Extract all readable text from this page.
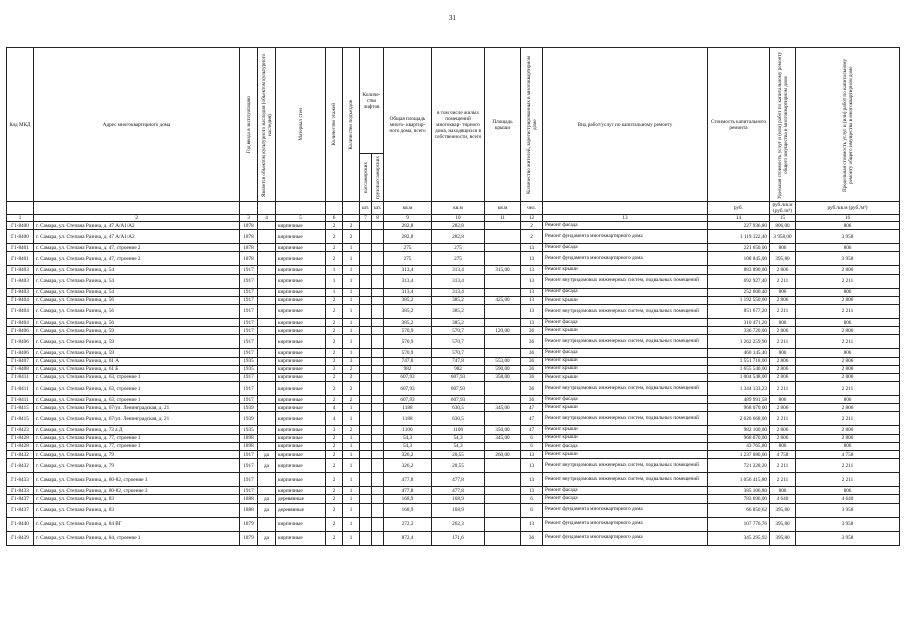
31
Код МКД	Адрес многоквартирного дома	Год ввода в эксплуатацию	Является объектом культурного наследия (объектом культурного наследия)	Материал стен	Количество этажей	Количество подъездов	Количе- ство лифтов		Общая площадь много- квартир- ного дома, всего	в том числе жилых помещений многоквар- тирного дома, находящихся в собственности, всего	Площадь крыши	Количество жителей, зарегистрированных в многоквартирном доме	Вид работ/услуг по капитальному ремонту	Стоимость капитального ремонта	Удельная стоимость услуг и (или) работ по капитальному ремонту общего имущества в многоквартирном доме	Предельная стоимость услуг и (или) работ по капитальному ремонту общего имущества в многоквартирном доме

							пассажирских	грузопассажирских								

							шт.	шт.	кв.м	кв.м	кв.м	чел.		руб.	руб./кв.м (руб./м³)	руб./кв.м (руб./м³)
1	2	3	4	5	6		7	8	9	10	11	12	13	14	15	16
Г1-8400	г. Самара, ул. Степана Разина, д. 47 А/А1/А2	1878		кирпичные	2	2			282,8	282,8		2	Ремонт фасада	227 936,80	806,00	806
Г1-8400	г. Самара, ул. Степана Разина, д. 47 А/А1/А2	1878		кирпичные	2	2			282,8	282,8		2	Ремонт фундамента многоквартирного дома	1 119 322,40	3 958,00	3 958
Г1-8401	г. Самара, ул. Степана Разина, д. 47, строение 2	1878		кирпичные	2	1			275	275		13	Ремонт фасада	221 650,00	806	806
Г1-8401	г. Самара, ул. Степана Разина, д. 47, строение 2	1878		кирпичные	2	1			275	275		13	Ремонт фундамента многоквартирного дома	108 845,00	395,80	3 958
Г1-8403	г. Самара, ул. Степана Разина, д. 54	1917		кирпичные	1	1			313,4	313,4	315,00	13	Ремонт крыши	883 890,00	2 806	2 806
Г1-8403	г. Самара, ул. Степана Разина, д. 54	1917		кирпичные	1	1			313,4	313,4		13	Ремонт внутридомовых инженерных систем, подвальных помещений	692 927,40	2 211	2 211
Г1-8403	г. Самара, ул. Степана Разина, д. 54	1917		кирпичные	1	1			313,4	313,4		13	Ремонт фасада	252 600,40	806	806
Г1-8404	г. Самара, ул. Степана Разина, д. 56	1917		кирпичные	2	1			385,2	385,2	425,00	13	Ремонт крыши	1 192 550,00	2 806	2 806
Г1-8404	г. Самара, ул. Степана Разина, д. 56	1917		кирпичные	2	1			385,2	385,2		13	Ремонт внутридомовых инженерных систем, подвальных помещений	851 677,20	2 211	2 211
Г1-8404	г. Самара, ул. Степана Разина, д. 56	1917		кирпичные	2	1			385,2	385,2		13	Ремонт фасада	310 471,20	806	806
Г1-8406	г. Самара, ул. Степана Разина, д. 59	1917		кирпичные	2	1			570,9	570,7	120,00	36	Ремонт крыши	336 720,00	2 806	2 806
Г1-8406	г. Самара, ул. Степана Разина, д. 59	1917		кирпичные	2	1			570,9	570,7		36	Ремонт внутридомовых инженерных систем, подвальных помещений	1 262 259,90	2 211	2 211
Г1-8406	г. Самара, ул. Степана Разина, д. 59	1917		кирпичные	2	1			570,9	570,7		36	Ремонт фасада	460 145,40	806	806
Г1-8407	г. Самара, ул. Степана Разина, д. 61 А	1935		кирпичные	3	3			747,8	747,8	553,00	36	Ремонт крыши	1 551 718,00	2 806	2 806
Г1-8408	г. Самара, ул. Степана Разина, д. 61 Б	1935		кирпичные	3	2			982	982	590,00	36	Ремонт крыши	1 655 540,00	2 806	2 806
Г1-8411	г. Самара, ул. Степана Разина, д. 63, строение 1	1917		кирпичные	2	2			607,93	607,93	358,00	36	Ремонт крыши	1 004 548,00	2 806	2 806
Г1-8411	г. Самара, ул. Степана Разина, д. 63, строение 1	1917		кирпичные	2	2			607,93	607,93		36	Ремонт внутридомовых инженерных систем, подвальных помещений	1 344 133,23	2 211	2 211
Г1-8411	г. Самара, ул. Степана Разина, д. 63, строение 1	1917		кирпичные	2	2			607,93	607,93		36	Ремонт фасада	489 991,58	806	806
Г1-8415	г. Самара, ул. Степана Разина, д. 67/ул. Ленинградская, д. 21	1939		кирпичные	4	1			1188	630,5	345,00	47	Ремонт крыши	968 070,00	2 806	2 806
Г1-8415	г. Самара, ул. Степана Разина, д. 67/ул. Ленинградская, д. 21	1939		кирпичные	4	1			1188	630,5		47	Ремонт внутридомовых инженерных систем, подвальных помещений	2 626 668,00	2 211	2 211
Г1-8423	г. Самара, ул. Степана Разина, д. 73 а Д	1935		кирпичные	3	2			1100	1100	350,00	47	Ремонт крыши	982 100,00	2 806	2 806
Г1-8428	г. Самара, ул. Степана Разина, д. 77, строение 1	1898		кирпичные	2	1			54,3	54,3	345,00	6	Ремонт крыши	968 070,00	2 806	2 806
Г1-8428	г. Самара, ул. Степана Разина, д. 77, строение 1	1898		кирпичные	2	1			54,3	54,3		6	Ремонт фасада	43 765,80	806	806
Г1-8432	г. Самара, ул. Степана Разина, д. 79	1917	да	кирпичные	2	1			326,2	20,55	260,00	13	Ремонт крыши	1 237 080,00	4 758	4 758
Г1-8432	г. Самара, ул. Степана Разина, д. 79	1917	да	кирпичные	2	1			326,2	20,55		13	Ремонт внутридомовых инженерных систем, подвальных помещений	721 228,20	2 211	2 211
Г1-8433	г. Самара, ул. Степана Разина, д. 80-82, строение 3	1917		кирпичные	2	1			477,8	477,8		13	Ремонт внутридомовых инженерных систем, подвальных помещений	1 056 415,80	2 211	2 211
Г1-8433	г. Самара, ул. Степана Разина, д. 80-82, строение 3	1917		кирпичные	2	1			477,8	477,8		13	Ремонт фасада	385 106,80	806	806
Г1-8437	г. Самара, ул. Степана Разина, д. 83	1888	да	деревянные	2	1			168,9	168,9		6	Ремонт фасада	783 696,00	4 640	4 640
Г1-8437	г. Самара, ул. Степана Разина, д. 83	1888	да	деревянные	2	1			168,9	168,9		6	Ремонт фундамента многоквартирного дома	66 850,62	395,80	3 958
Г1-8440	г. Самара, ул. Степана Разина, д. 84 ВГ	1879		кирпичные	2	1			272,3	262,3		13	Ремонт фундамента многоквартирного дома	107 776,76	395,80	3 958
Г1-8439	г. Самара, ул. Степана Разина, д. 84, строение 1	1879	да	кирпичные	2	1			872,4	171,6		36	Ремонт фундамента многоквартирного дома	345 295,92	395,80	3 958
